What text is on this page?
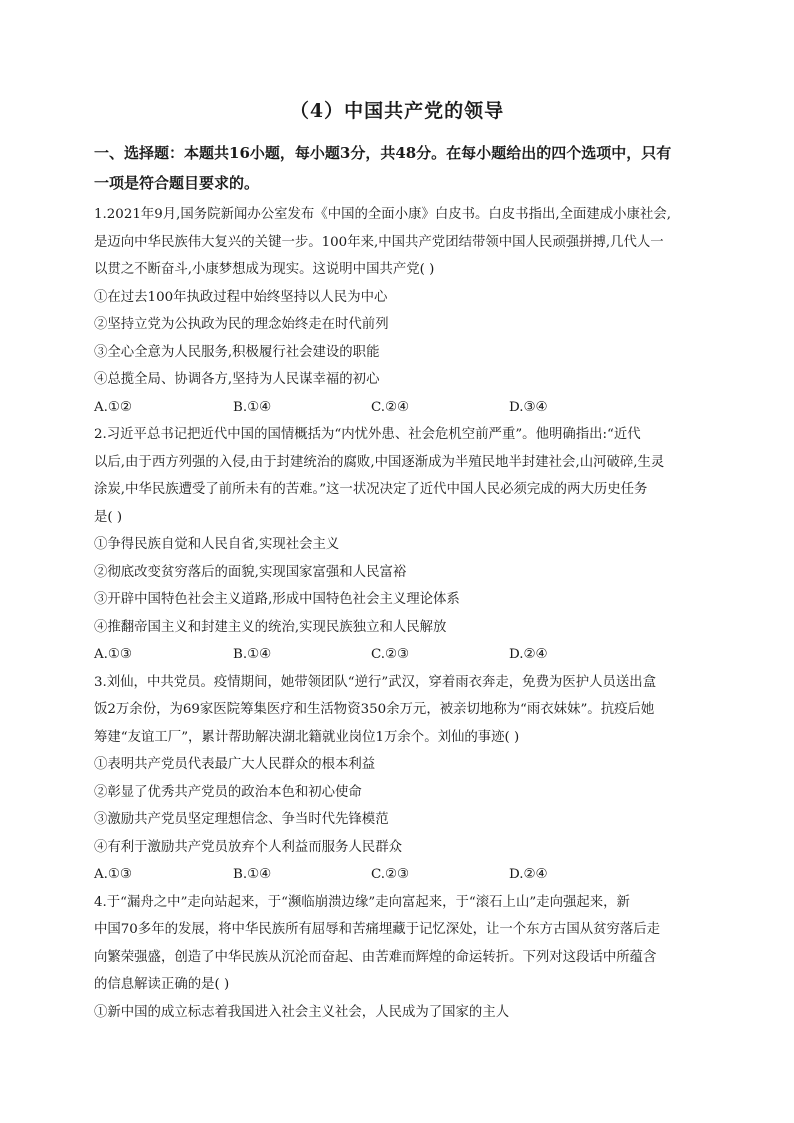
（4）中国共产党的领导
一、选择题：本题共16小题，每小题3分，共48分。在每小题给出的四个选项中，只有
一项是符合题目要求的。

1.2021年9月,国务院新闻办公室发布《中国的全面小康》白皮书。白皮书指出,全面建成小康社会,

是迈向中华民族伟大复兴的关键一步。100年来,中国共产党团结带领中国人民顽强拼搏,几代人一

以贯之不断奋斗,小康梦想成为现实。这说明中国共产党( )

①在过去100年执政过程中始终坚持以人民为中心

②坚持立党为公执政为民的理念始终走在时代前列

③全心全意为人民服务,积极履行社会建设的职能

④总揽全局、协调各方,坚持为人民谋幸福的初心

A.①②	B.①④	C.②④	D.③④

2.习近平总书记把近代中国的国情概括为“内忧外患、社会危机空前严重”。他明确指出:“近代

以后,由于西方列强的入侵,由于封建统治的腐败,中国逐渐成为半殖民地半封建社会,山河破碎,生灵

涂炭,中华民族遭受了前所未有的苦难。”这一状况决定了近代中国人民必须完成的两大历史任务

是( )

①争得民族自觉和人民自省,实现社会主义

②彻底改变贫穷落后的面貌,实现国家富强和人民富裕

③开辟中国特色社会主义道路,形成中国特色社会主义理论体系

④推翻帝国主义和封建主义的统治,实现民族独立和人民解放

A.①③	B.①④	C.②③	D.②④

3.刘仙，中共党员。疫情期间，她带领团队“逆行”武汉，穿着雨衣奔走，免费为医护人员送出盒

饭2万余份，为69家医院筹集医疗和生活物资350余万元，被亲切地称为“雨衣妹妹”。抗疫后她

筹建“友谊工厂”，累计帮助解决湖北籍就业岗位1万余个。刘仙的事迹( )

①表明共产党员代表最广大人民群众的根本利益

②彰显了优秀共产党员的政治本色和初心使命

③激励共产党员坚定理想信念、争当时代先锋模范

④有利于激励共产党员放弃个人利益而服务人民群众

A.①③	B.①④	C.②③	D.②④

4.于“漏舟之中”走向站起来，于“濒临崩溃边缘”走向富起来，于“滚石上山”走向强起来，新

中国70多年的发展，将中华民族所有屈辱和苦痛埋藏于记忆深处，让一个东方古国从贫穷落后走

向繁荣强盛，创造了中华民族从沉沦而奋起、由苦难而辉煌的命运转折。下列对这段话中所蕴含

的信息解读正确的是( )

①新中国的成立标志着我国进入社会主义社会，人民成为了国家的主人
